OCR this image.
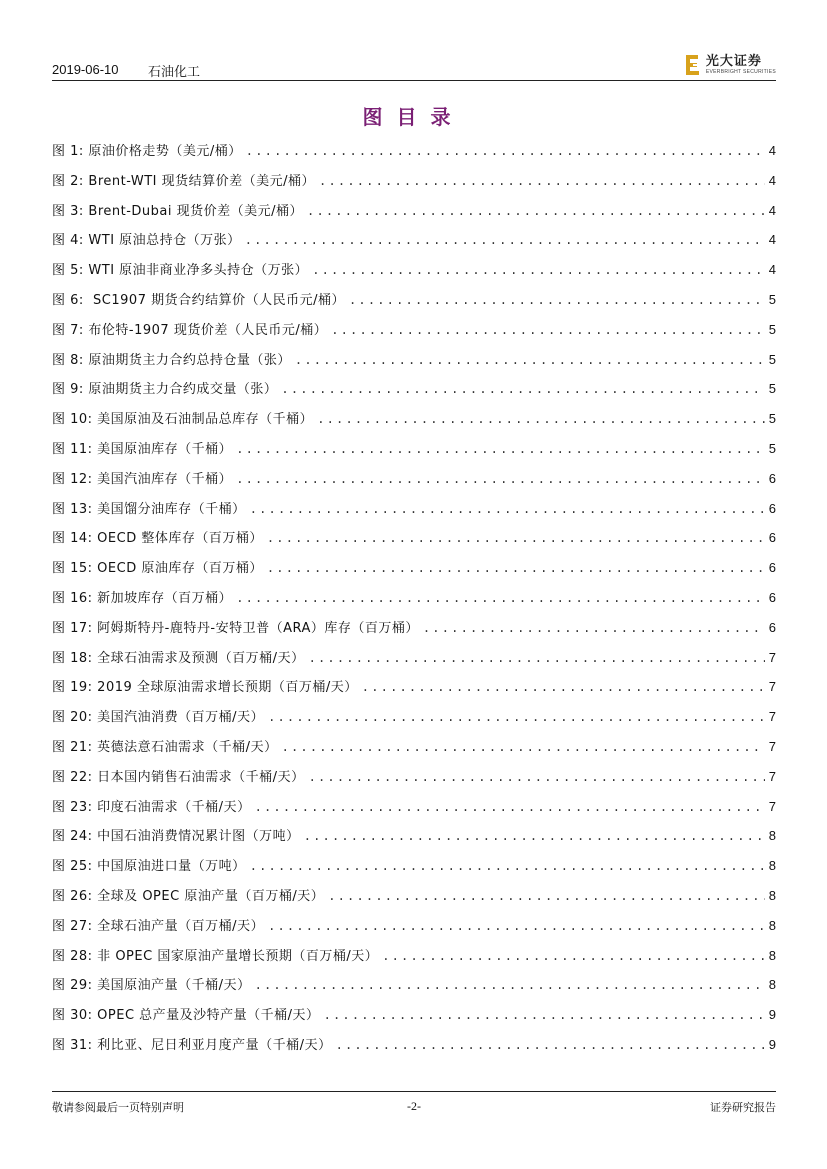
2019-06-10 石油化工
光大证券
EVERBRIGHT SECURITIES
图目录
图 1: 原油价格走势（美元/桶） .....	4
图 2: Brent-WTI 现货结算价差（美元/桶） .....	4
图 3: Brent-Dubai 现货价差（美元/桶） .....	4
图 4: WTI 原油总持仓（万张） .....	4
图 5: WTI 原油非商业净多头持仓（万张） .....	4
图 6:  SC1907 期货合约结算价（人民币元/桶） .....	5
图 7: 布伦特-1907 现货价差（人民币元/桶） .....	5
图 8: 原油期货主力合约总持仓量（张） .....	5
图 9: 原油期货主力合约成交量（张） .....	5
图 10: 美国原油及石油制品总库存（千桶） .....	5
图 11: 美国原油库存（千桶） .....	5
图 12: 美国汽油库存（千桶） .....	6
图 13: 美国馏分油库存（千桶） .....	6
图 14: OECD 整体库存（百万桶） .....	6
图 15: OECD 原油库存（百万桶） .....	6
图 16: 新加坡库存（百万桶） .....	6
图 17: 阿姆斯特丹-鹿特丹-安特卫普（ARA）库存（百万桶） .....	6
图 18: 全球石油需求及预测（百万桶/天） .....	7
图 19: 2019 全球原油需求增长预期（百万桶/天） .....	7
图 20: 美国汽油消费（百万桶/天） .....	7
图 21: 英德法意石油需求（千桶/天） .....	7
图 22: 日本国内销售石油需求（千桶/天） .....	7
图 23: 印度石油需求（千桶/天） .....	7
图 24: 中国石油消费情况累计图（万吨） .....	8
图 25: 中国原油进口量（万吨） .....	8
图 26: 全球及 OPEC 原油产量（百万桶/天） .....	8
图 27: 全球石油产量（百万桶/天） .....	8
图 28: 非 OPEC 国家原油产量增长预期（百万桶/天） .....	8
图 29: 美国原油产量（千桶/天） .....	8
图 30: OPEC 总产量及沙特产量（千桶/天） .....	9
图 31: 利比亚、尼日利亚月度产量（千桶/天） .....	9
敬请参阅最后一页特别声明	-2-	证券研究报告
